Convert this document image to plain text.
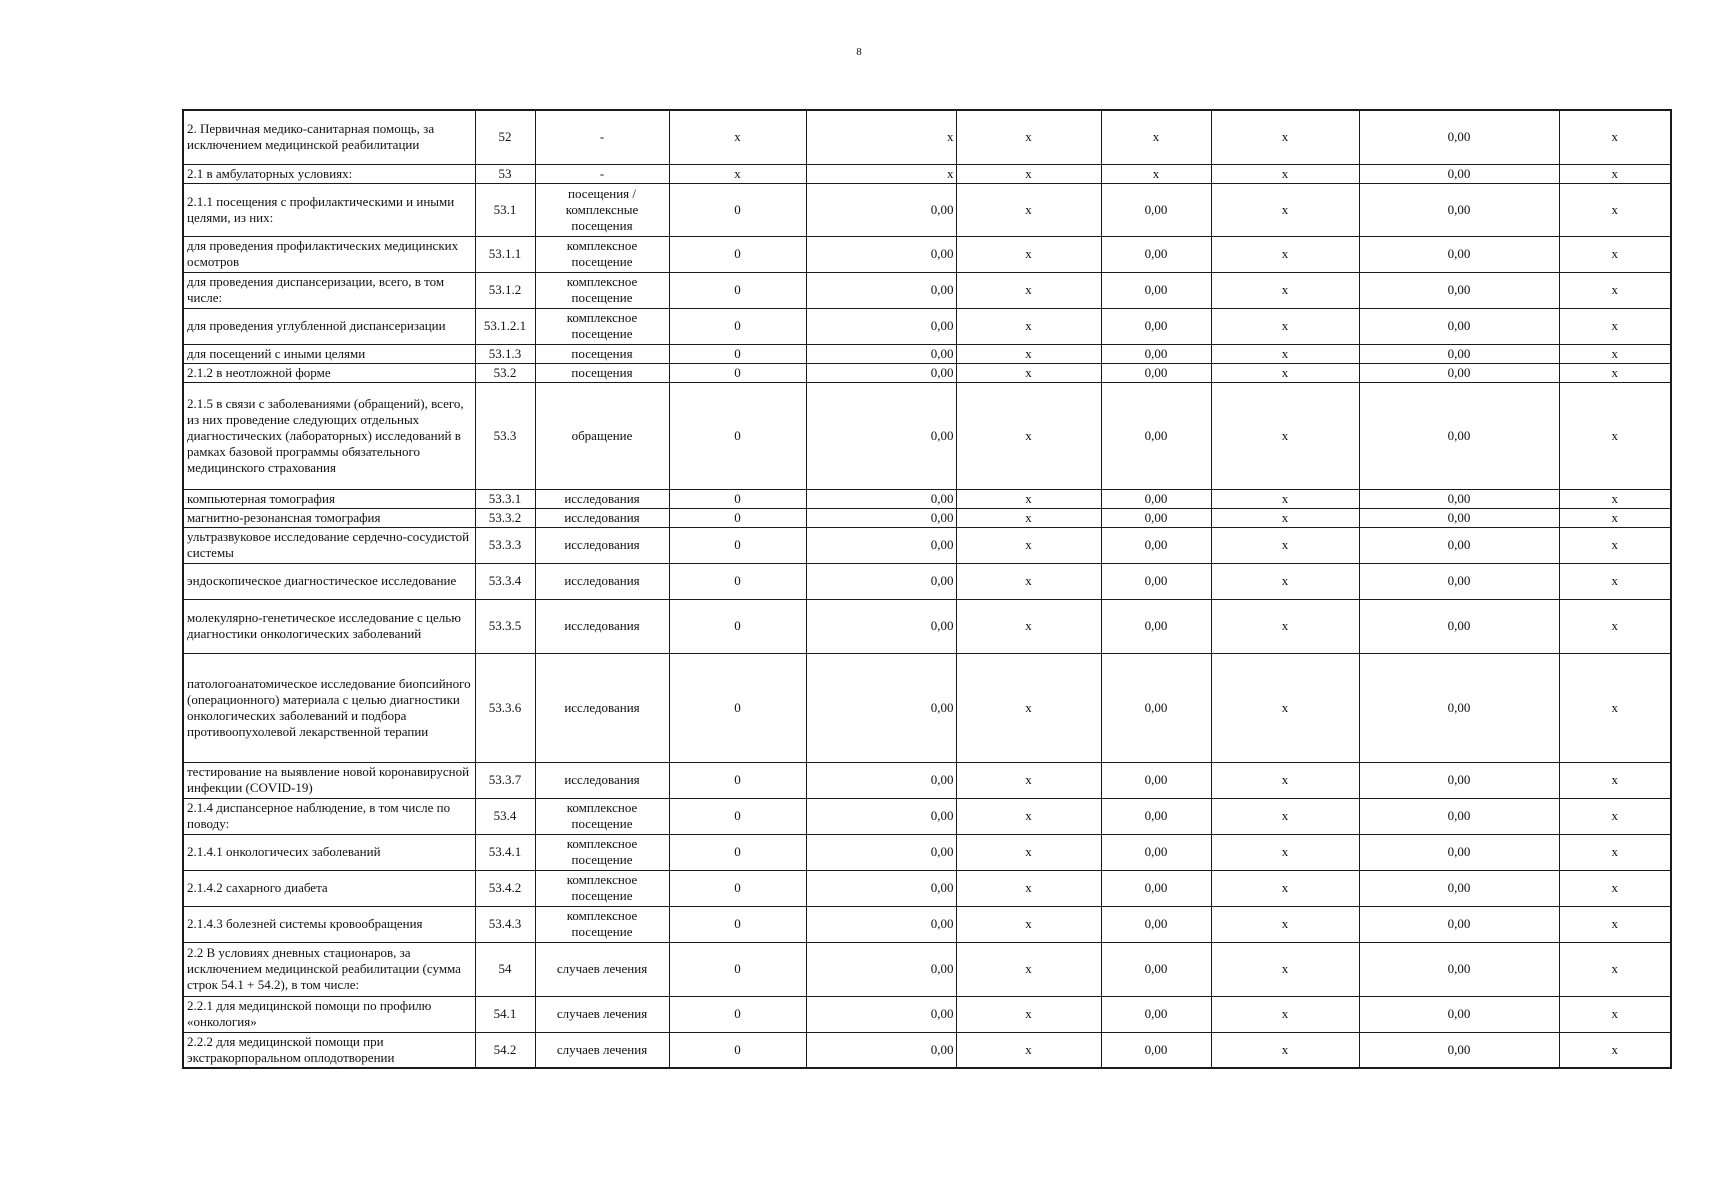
8
2. Первичная медико-санитарная помощь, за исключением медицинской реабилитации	52	-	х	х	х	х	х	0,00	х
2.1 в амбулаторных условиях:	53	-	х	х	х	х	х	0,00	х
2.1.1 посещения с профилактическими и иными целями, из них:	53.1	посещения / комплексные посещения	0	0,00	х	0,00	х	0,00	х
для проведения профилактических медицинских осмотров	53.1.1	комплексное посещение	0	0,00	х	0,00	х	0,00	х
для проведения диспансеризации, всего, в том числе:	53.1.2	комплексное посещение	0	0,00	х	0,00	х	0,00	х
для проведения углубленной диспансеризации	53.1.2.1	комплексное посещение	0	0,00	х	0,00	х	0,00	х
для посещений с иными целями	53.1.3	посещения	0	0,00	х	0,00	х	0,00	х
2.1.2 в неотложной форме	53.2	посещения	0	0,00	х	0,00	х	0,00	х
2.1.5 в связи с заболеваниями (обращений), всего, из них проведение следующих отдельных диагностических (лабораторных) исследований в рамках базовой программы обязательного медицинского страхования	53.3	обращение	0	0,00	х	0,00	х	0,00	х
компьютерная томография	53.3.1	исследования	0	0,00	х	0,00	х	0,00	х
магнитно-резонансная томография	53.3.2	исследования	0	0,00	х	0,00	х	0,00	х
ультразвуковое исследование сердечно-сосудистой системы	53.3.3	исследования	0	0,00	х	0,00	х	0,00	х
эндоскопическое диагностическое исследование	53.3.4	исследования	0	0,00	х	0,00	х	0,00	х
молекулярно-генетическое исследование с целью диагностики онкологических заболеваний	53.3.5	исследования	0	0,00	х	0,00	х	0,00	х
патологоанатомическое исследование биопсийного (операционного) материала с целью диагностики онкологических заболеваний и подбора противоопухолевой лекарственной терапии	53.3.6	исследования	0	0,00	х	0,00	х	0,00	х
тестирование на выявление новой коронавирусной инфекции (COVID-19)	53.3.7	исследования	0	0,00	х	0,00	х	0,00	х
2.1.4 диспансерное наблюдение, в том числе по поводу:	53.4	комплексное посещение	0	0,00	х	0,00	х	0,00	х
2.1.4.1 онкологичесих заболеваний	53.4.1	комплексное посещение	0	0,00	х	0,00	х	0,00	х
2.1.4.2 сахарного диабета	53.4.2	комплексное посещение	0	0,00	х	0,00	х	0,00	х
2.1.4.3 болезней системы кровообращения	53.4.3	комплексное посещение	0	0,00	х	0,00	х	0,00	х
2.2 В условиях дневных стационаров, за исключением медицинской реабилитации (сумма строк 54.1 + 54.2), в том числе:	54	случаев лечения	0	0,00	х	0,00	х	0,00	х
2.2.1 для медицинской помощи по профилю «онкология»	54.1	случаев лечения	0	0,00	х	0,00	х	0,00	х
2.2.2 для медицинской помощи при экстракорпоральном оплодотворении	54.2	случаев лечения	0	0,00	х	0,00	х	0,00	х
